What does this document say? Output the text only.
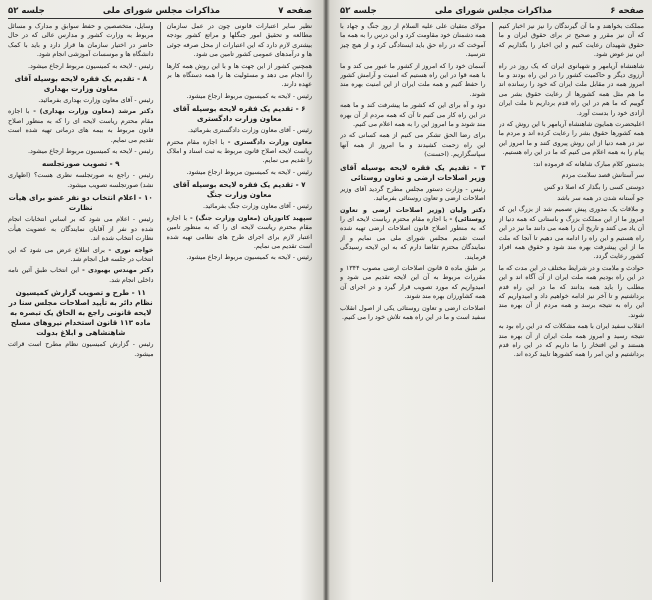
صفحه ۶
مذاکرات مجلس شورای ملی
جلسه ۵۲

مملکت بخواهند و ما آن گیرندگان را نیز نیز اخبار کنیم که آن نیز مقرر و صحیح تر برای حقوق ایران و ما حقوق شهیدان رعایت کنیم و این اخبار را بگذاریم که این نیز عوض شود.

شاهنشاه آریامهر و شهبانوی ایران که یک روز در راه آرزوی دیگر و حاکمیت کشور را در این راه بودند و ما امروز همه در مقابل ملت ایران که خود را رسانده اند ما هم مثل همه کشورها از رعایت حقوق بشر می گوییم که ما هم در این راه قدم برداریم تا ملت ایران آزادی خود را بدست آورد.

اعلیحضرت همایون شاهنشاه آریامهر با این روش که در همه کشورها حقوق بشر را رعایت کرده اند و مردم ما نیز در همه دنیا از این روش پیروی کنند و ما امروز این پیام را به همه اعلام می کنیم که ما در این راه هستیم.

بدستور کلام مبارک شاهانه که فرموده اند:

سر آستانش قصد سلامت مردم

دوستی کسی را بگذار که اصلا دو کس

جو آستانه شدن در همه سر باشد

و ملاقات یک مدوری پیش تصمیم شد از بزرگ این که امروز ما از این مملکت بزرگ و باستانی که همه دنیا از آن یاد می کنند و تاریخ آن را همه می دانند ما نیز در این راه هستیم و این راه را ادامه می دهیم تا آنجا که ملت ما از این پیشرفت بهره مند شود و حقوق همه افراد کشور رعایت گردد.

حوادث و ملامت و در شرایط مختلف در این مدت که ما در این راه بودیم همه ملت ایران از آن آگاه اند و این مطلب را باید همه بدانند که ما در این راه قدم برداشتیم و تا آخر نیز ادامه خواهیم داد و امیدواریم که این راه به نتیجه برسد و همه مردم از آن بهره مند شوند.

انقلاب سفید ایران با همه مشکلات که در این راه بود به نتیجه رسید و امروز همه ملت ایران از آن بهره مند هستند و این افتخار را ما داریم که در این راه قدم برداشتیم و این امر را همه کشورها تایید کرده اند.

مولای متقیان علی علیه السلام از روز جنگ و جهاد با همه دشمنان خود مقاومت کرد و این درس را به همه ما آموخت که در راه حق باید ایستادگی کرد و از هیچ چیز نترسید.

آسمان خود را که امروز از کشور ما عبور می کند و ما با همه قوا در این راه هستیم که امنیت و آرامش کشور را حفظ کنیم و همه ملت ایران از این امنیت بهره مند شوند.

دود و آه برای این که کشور ما پیشرفت کند و ما همه در این راه کار می کنیم تا آن که همه مردم از آن بهره مند شوند و ما امروز این را به همه اعلام می کنیم.

برای رضا الحق تشکر می کنیم از همه کسانی که در این راه زحمت کشیدند و ما امروز از همه آنها سپاسگزاریم. (احسنت)

۳ - تقدیم یک فقره لایحه بوسیله آقای وزیر اصلاحات ارضی و تعاون روستائی

رئیس - وزارت دستور مجلس مطرح گردید آقای وزیر اصلاحات ارضی و تعاون روستائی بفرمائید.

دکتر ولیان (وزیر اصلاحات ارضی و تعاون روستائی) - با اجازه مقام محترم ریاست لایحه ای را که به منظور اصلاح قانون اصلاحات ارضی تهیه شده است تقدیم مجلس شورای ملی می نمایم و از نمایندگان محترم تقاضا دارم که به این لایحه رسیدگی فرمایند.

بر طبق ماده ۵ قانون اصلاحات ارضی مصوب ۱۳۴۴ و مقررات مربوط به آن این لایحه تقدیم می شود و امیدواریم که مورد تصویب قرار گیرد و در اجرای آن همه کشاورزان بهره مند شوند.

اصلاحات ارضی و تعاون روستائی یکی از اصول انقلاب سفید است و ما در این راه همه تلاش خود را می کنیم.

صفحه ۷
مذاکرات مجلس شورای ملی
جلسه ۵۲

نظیر سایر اعتبارات قانونی چون در عمل سازمان مطالعه و تحقیق امور جنگلها و مراتع کشور بودجه بیشتری لازم دارد که این اعتبارات از محل صرفه جوئی ها و درآمدهای عمومی کشور تامین می شود.

همچنین کشور از این جهت ها و با این روش همه کارها را انجام می دهد و مسئولیت ها را همه دستگاه ها بر عهده دارند.

رئیس - لایحه به کمیسیون مربوط ارجاع میشود.

۶ - تقدیم یک فقره لایحه بوسیله آقای معاون وزارت دادگستری

رئیس - آقای معاون وزارت دادگستری بفرمائید.

معاون وزارت دادگستری - با اجازه مقام محترم ریاست لایحه اصلاح قانون مربوط به ثبت اسناد و املاک را تقدیم می نمایم.

رئیس - لایحه به کمیسیون مربوط ارجاع میشود.

۷ - تقدیم یک فقره لایحه بوسیله آقای معاون وزارت جنگ

رئیس - آقای معاون وزارت جنگ بفرمائید.

سپهبد کاتوزیان (معاون وزارت جنگ) - با اجازه مقام محترم ریاست لایحه ای را که به منظور تامین اعتبار لازم برای اجرای طرح های نظامی تهیه شده است تقدیم می نمایم.

رئیس - لایحه به کمیسیون مربوط ارجاع میشود.

وسایل، متخصصین و حفظ سوابق و مدارک و مسائل مربوط به وزارت کشور و مدارس عالی که در حال حاضر در اختیار سازمان ها قرار دارد و باید با کمک دانشگاه ها و موسسات آموزشی انجام شود.

رئیس - لایحه به کمیسیون مربوط ارجاع میشود.

۸ - تقدیم یک فقره لایحه بوسیله آقای معاون وزارت بهداری

رئیس - آقای معاون وزارت بهداری بفرمائید.

دکتر مرشد (معاون وزارت بهداری) - با اجازه مقام محترم ریاست لایحه ای را که به منظور اصلاح قانون مربوط به بیمه های درمانی تهیه شده است تقدیم می نمایم.

رئیس - لایحه به کمیسیون مربوط ارجاع میشود.

۹ - تصویب صورتجلسه

رئیس - راجع به صورتجلسه نظری هست؟ (اظهاری نشد) صورتجلسه تصویب میشود.

۱۰ - اعلام انتخاب دو نفر عضو برای هیأت نظارت

رئیس - اعلام می شود که بر اساس انتخابات انجام شده دو نفر از آقایان نمایندگان به عضویت هیأت نظارت انتخاب شده اند.

خواجه نوری - برای اطلاع عرض می شود که این انتخاب در جلسه قبل انجام شد.

دکتر مهندس بهبودی - این انتخاب طبق آئین نامه داخلی انجام شد.

۱۱ - طرح و تصویب گزارش کمیسیون نظام دائر به تأیید اصلاحات مجلس سنا در لایحه قانونی راجع به الحاق یک تبصره به ماده ۱۱۳ قانون استخدام نیروهای مسلح شاهنشاهی و ابلاغ بدولت

رئیس - گزارش کمیسیون نظام مطرح است قرائت میشود.
